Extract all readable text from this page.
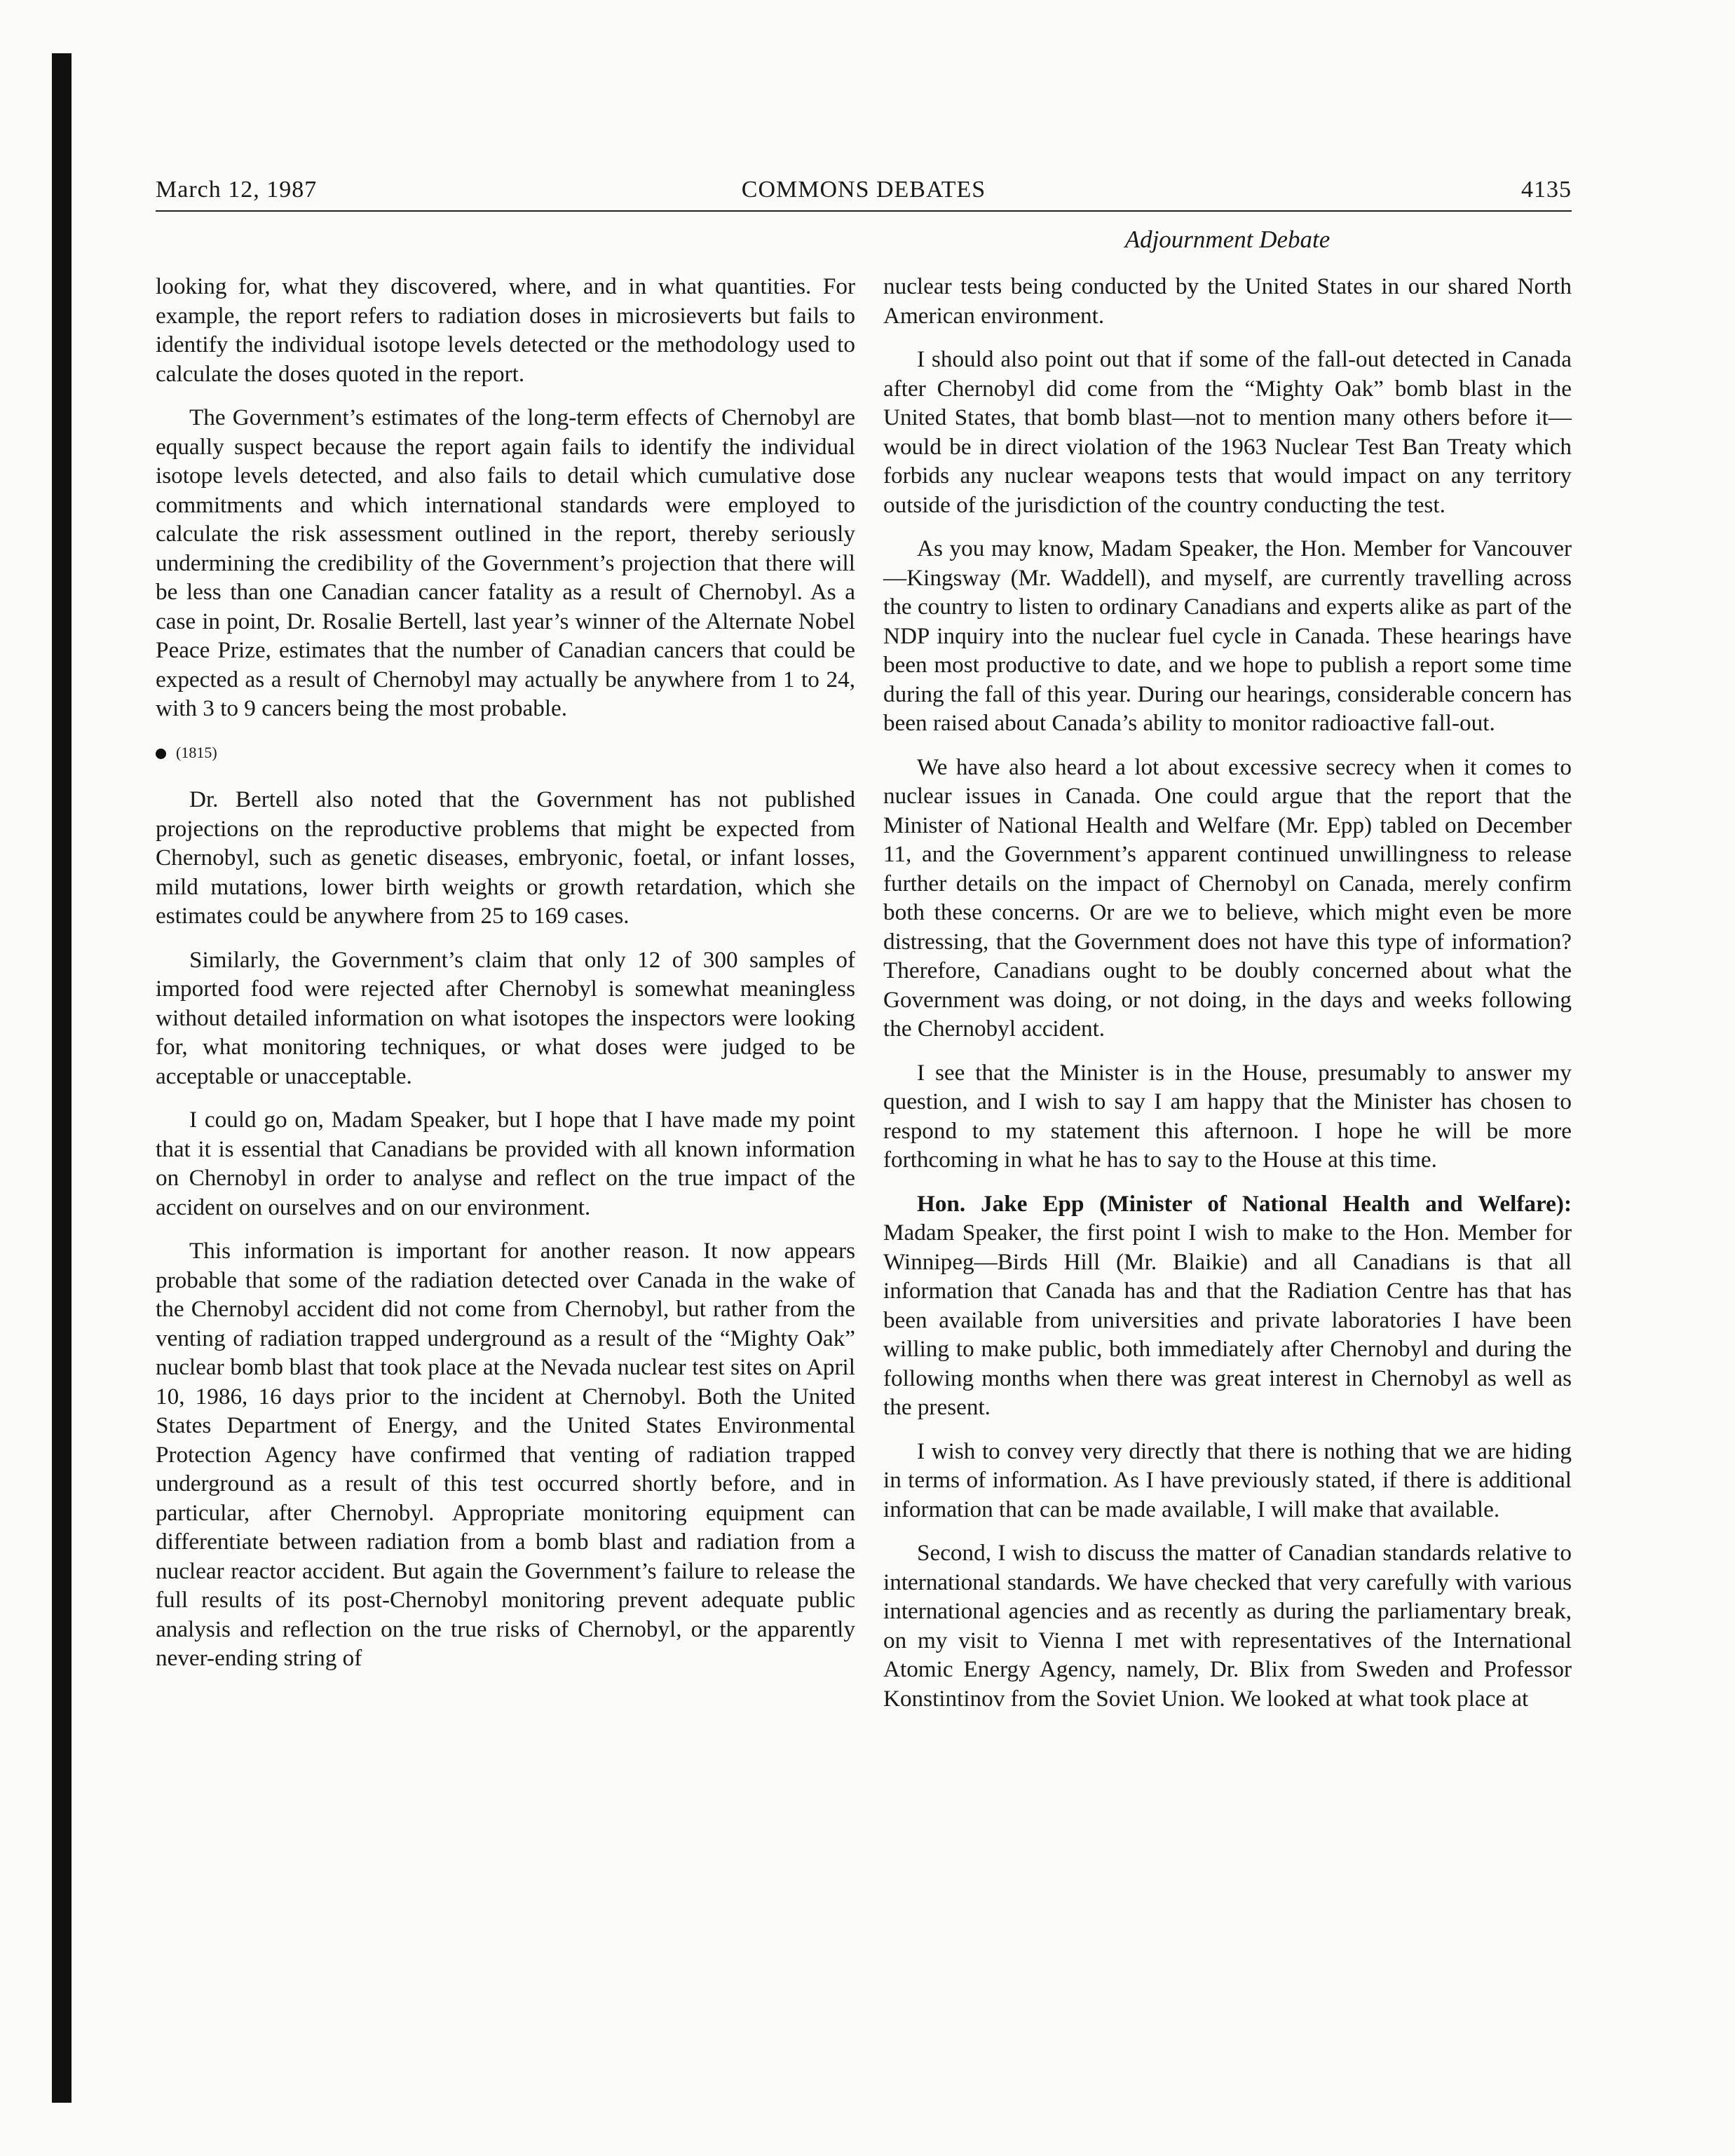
March 12, 1987	COMMONS DEBATES	4135
Adjournment Debate

looking for, what they discovered, where, and in what quantities. For example, the report refers to radiation doses in microsieverts but fails to identify the individual isotope levels detected or the methodology used to calculate the doses quoted in the report.

The Government’s estimates of the long-term effects of Chernobyl are equally suspect because the report again fails to identify the individual isotope levels detected, and also fails to detail which cumulative dose commitments and which international standards were employed to calculate the risk assessment outlined in the report, thereby seriously undermining the credibility of the Government’s projection that there will be less than one Canadian cancer fatality as a result of Chernobyl. As a case in point, Dr. Rosalie Bertell, last year’s winner of the Alternate Nobel Peace Prize, estimates that the number of Canadian cancers that could be expected as a result of Chernobyl may actually be anywhere from 1 to 24, with 3 to 9 cancers being the most probable.

(1815)

Dr. Bertell also noted that the Government has not published projections on the reproductive problems that might be expected from Chernobyl, such as genetic diseases, embryonic, foetal, or infant losses, mild mutations, lower birth weights or growth retardation, which she estimates could be anywhere from 25 to 169 cases.

Similarly, the Government’s claim that only 12 of 300 samples of imported food were rejected after Chernobyl is somewhat meaningless without detailed information on what isotopes the inspectors were looking for, what monitoring techniques, or what doses were judged to be acceptable or unacceptable.

I could go on, Madam Speaker, but I hope that I have made my point that it is essential that Canadians be provided with all known information on Chernobyl in order to analyse and reflect on the true impact of the accident on ourselves and on our environment.

This information is important for another reason. It now appears probable that some of the radiation detected over Canada in the wake of the Chernobyl accident did not come from Chernobyl, but rather from the venting of radiation trapped underground as a result of the “Mighty Oak” nuclear bomb blast that took place at the Nevada nuclear test sites on April 10, 1986, 16 days prior to the incident at Chernobyl. Both the United States Department of Energy, and the United States Environmental Protection Agency have confirmed that venting of radiation trapped underground as a result of this test occurred shortly before, and in particular, after Chernobyl. Appropriate monitoring equipment can differentiate between radiation from a bomb blast and radiation from a nuclear reactor accident. But again the Government’s failure to release the full results of its post-Chernobyl monitoring prevent adequate public analysis and reflection on the true risks of Chernobyl, or the apparently never-ending string of

nuclear tests being conducted by the United States in our shared North American environment.

I should also point out that if some of the fall-out detected in Canada after Chernobyl did come from the “Mighty Oak” bomb blast in the United States, that bomb blast—not to mention many others before it—would be in direct violation of the 1963 Nuclear Test Ban Treaty which forbids any nuclear weapons tests that would impact on any territory outside of the jurisdiction of the country conducting the test.

As you may know, Madam Speaker, the Hon. Member for Vancouver—Kingsway (Mr. Waddell), and myself, are currently travelling across the country to listen to ordinary Canadians and experts alike as part of the NDP inquiry into the nuclear fuel cycle in Canada. These hearings have been most productive to date, and we hope to publish a report some time during the fall of this year. During our hearings, considerable concern has been raised about Canada’s ability to monitor radioactive fall-out.

We have also heard a lot about excessive secrecy when it comes to nuclear issues in Canada. One could argue that the report that the Minister of National Health and Welfare (Mr. Epp) tabled on December 11, and the Government’s apparent continued unwillingness to release further details on the impact of Chernobyl on Canada, merely confirm both these concerns. Or are we to believe, which might even be more distressing, that the Government does not have this type of information? Therefore, Canadians ought to be doubly concerned about what the Government was doing, or not doing, in the days and weeks following the Chernobyl accident.

I see that the Minister is in the House, presumably to answer my question, and I wish to say I am happy that the Minister has chosen to respond to my statement this afternoon. I hope he will be more forthcoming in what he has to say to the House at this time.

Hon. Jake Epp (Minister of National Health and Welfare): Madam Speaker, the first point I wish to make to the Hon. Member for Winnipeg—Birds Hill (Mr. Blaikie) and all Canadians is that all information that Canada has and that the Radiation Centre has that has been available from universities and private laboratories I have been willing to make public, both immediately after Chernobyl and during the following months when there was great interest in Chernobyl as well as the present.

I wish to convey very directly that there is nothing that we are hiding in terms of information. As I have previously stated, if there is additional information that can be made available, I will make that available.

Second, I wish to discuss the matter of Canadian standards relative to international standards. We have checked that very carefully with various international agencies and as recently as during the parliamentary break, on my visit to Vienna I met with representatives of the International Atomic Energy Agency, namely, Dr. Blix from Sweden and Professor Konstintinov from the Soviet Union. We looked at what took place at
